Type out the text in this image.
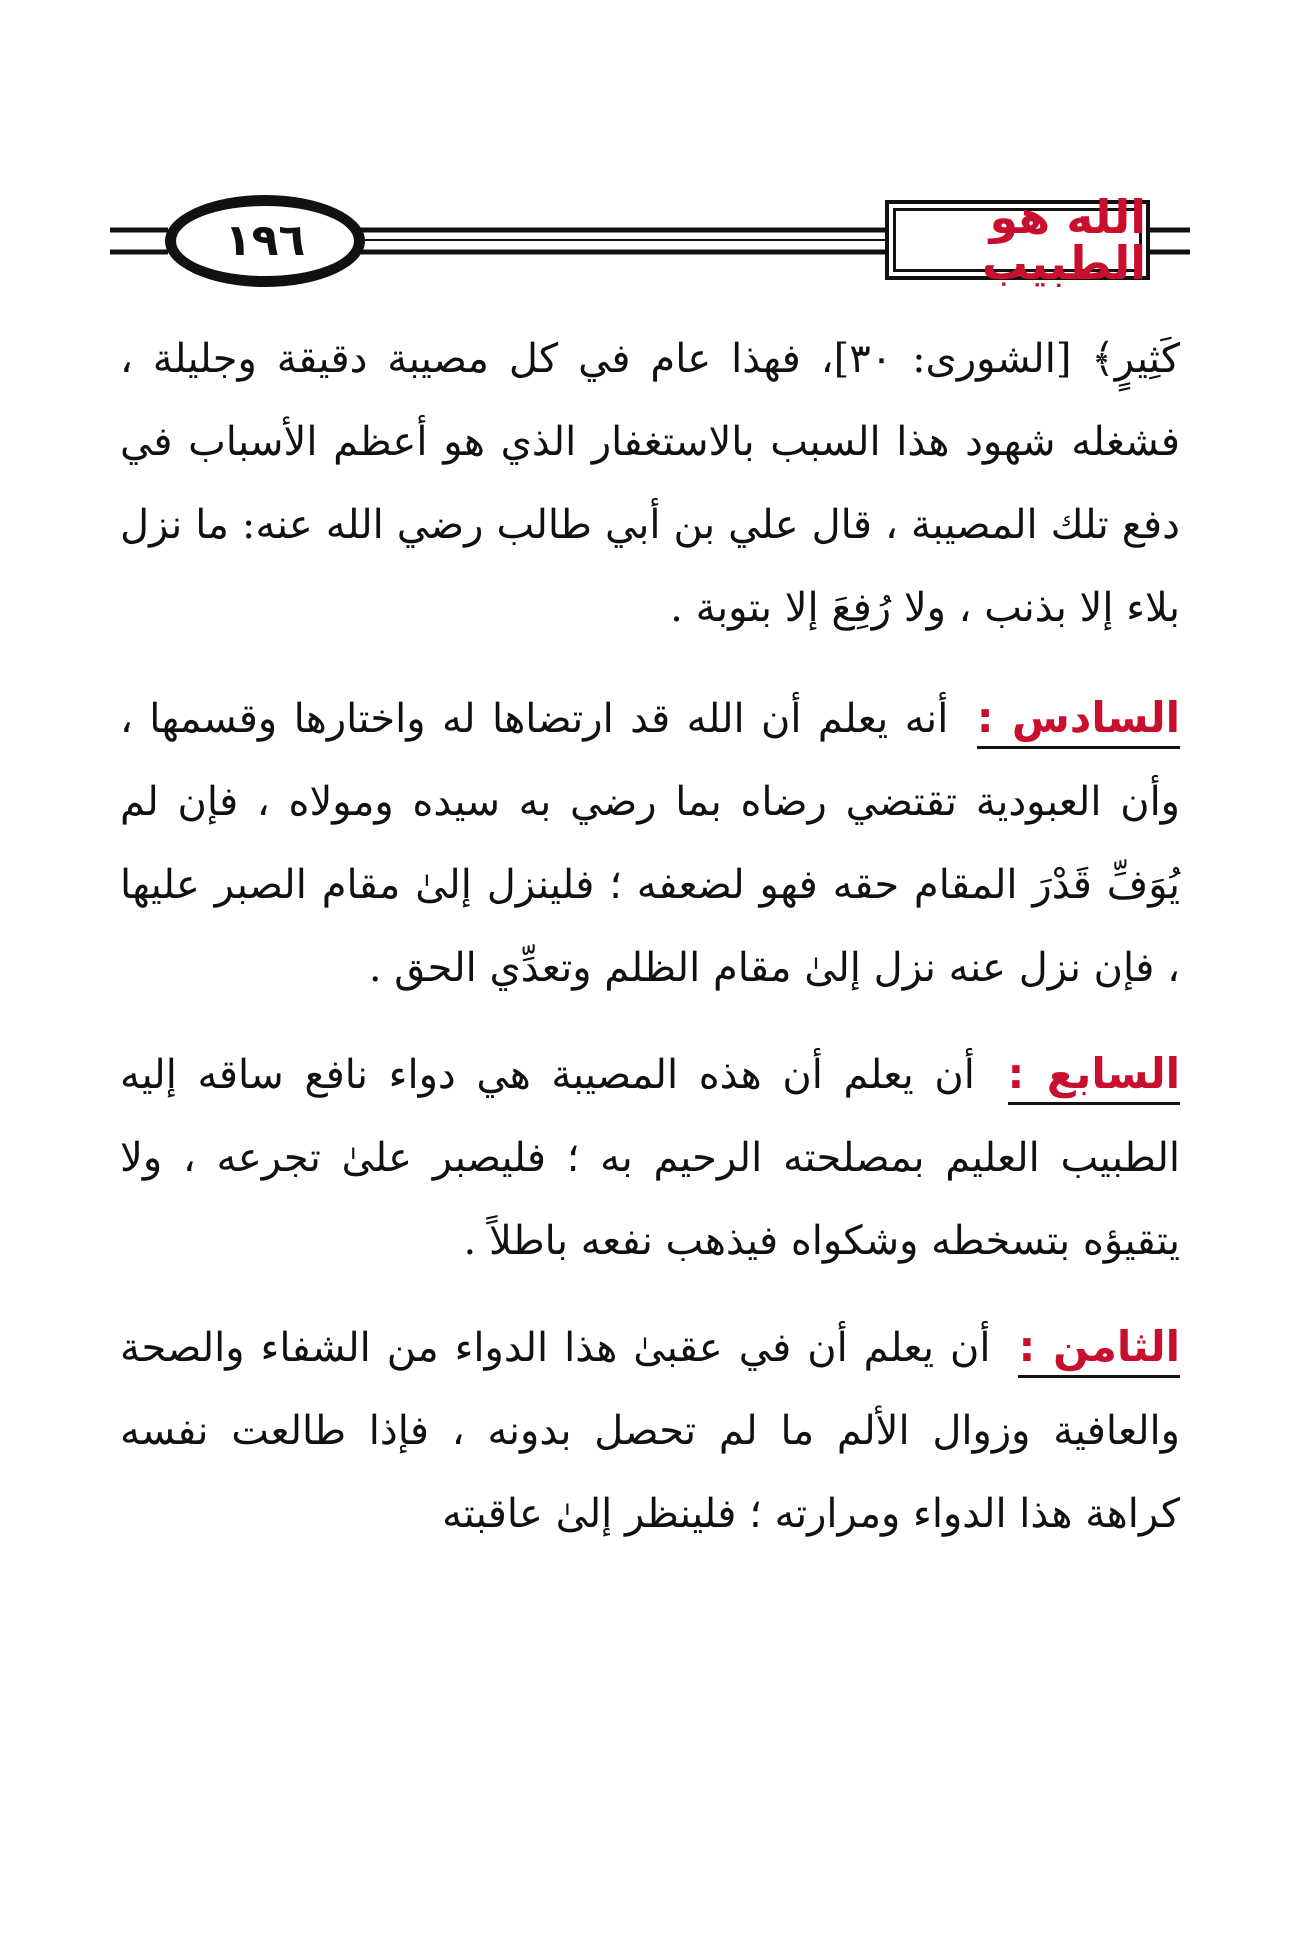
١٩٦	الله هو الطبيب

كَثِيرٍ﴾ [الشورى: ٣٠]، فهذا عام في كل مصيبة دقيقة وجليلة ، فشغله شهود هذا السبب بالاستغفار الذي هو أعظم الأسباب في دفع تلك المصيبة ، قال علي بن أبي طالب رضي الله عنه: ما نزل بلاء إلا بذنب ، ولا رُفِعَ إلا بتوبة .

السادس : أنه يعلم أن الله قد ارتضاها له واختارها وقسمها ، وأن العبودية تقتضي رضاه بما رضي به سيده ومولاه ، فإن لم يُوَفِّ قَدْرَ المقام حقه فهو لضعفه ؛ فلينزل إلىٰ مقام الصبر عليها ، فإن نزل عنه نزل إلىٰ مقام الظلم وتعدِّي الحق .

السابع : أن يعلم أن هذه المصيبة هي دواء نافع ساقه إليه الطبيب العليم بمصلحته الرحيم به ؛ فليصبر علىٰ تجرعه ، ولا يتقيؤه بتسخطه وشكواه فيذهب نفعه باطلاً .

الثامن : أن يعلم أن في عقبىٰ هذا الدواء من الشفاء والصحة والعافية وزوال الألم ما لم تحصل بدونه ، فإذا طالعت نفسه كراهة هذا الدواء ومرارته ؛ فلينظر إلىٰ عاقبته
